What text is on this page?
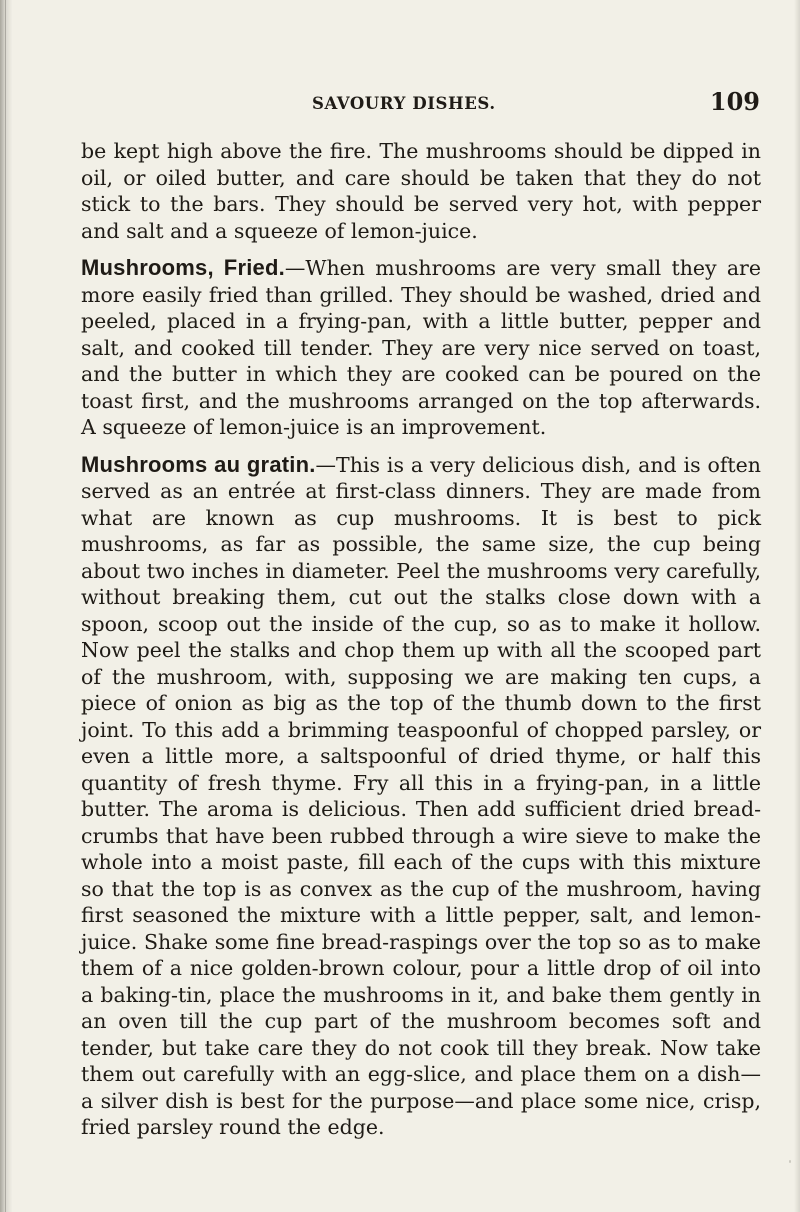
SAVOURY DISHES.	109

be kept high above the fire. The mushrooms should be dipped in oil, or oiled butter, and care should be taken that they do not stick to the bars. They should be served very hot, with pepper and salt and a squeeze of lemon-juice.

Mushrooms, Fried.—When mushrooms are very small they are more easily fried than grilled. They should be washed, dried and peeled, placed in a frying-pan, with a little butter, pepper and salt, and cooked till tender. They are very nice served on toast, and the butter in which they are cooked can be poured on the toast first, and the mushrooms arranged on the top afterwards. A squeeze of lemon-juice is an improvement.

Mushrooms au gratin.—This is a very delicious dish, and is often served as an entrée at first-class dinners. They are made from what are known as cup mushrooms. It is best to pick mushrooms, as far as possible, the same size, the cup being about two inches in diameter. Peel the mushrooms very carefully, without breaking them, cut out the stalks close down with a spoon, scoop out the inside of the cup, so as to make it hollow. Now peel the stalks and chop them up with all the scooped part of the mushroom, with, supposing we are making ten cups, a piece of onion as big as the top of the thumb down to the first joint. To this add a brimming teaspoonful of chopped parsley, or even a little more, a saltspoonful of dried thyme, or half this quantity of fresh thyme. Fry all this in a frying-pan, in a little butter. The aroma is delicious. Then add sufficient dried bread-crumbs that have been rubbed through a wire sieve to make the whole into a moist paste, fill each of the cups with this mixture so that the top is as convex as the cup of the mushroom, having first seasoned the mixture with a little pepper, salt, and lemon-juice. Shake some fine bread-raspings over the top so as to make them of a nice golden-brown colour, pour a little drop of oil into a baking-tin, place the mushrooms in it, and bake them gently in an oven till the cup part of the mushroom becomes soft and tender, but take care they do not cook till they break. Now take them out carefully with an egg-slice, and place them on a dish—a silver dish is best for the purpose—and place some nice, crisp, fried parsley round the edge.
